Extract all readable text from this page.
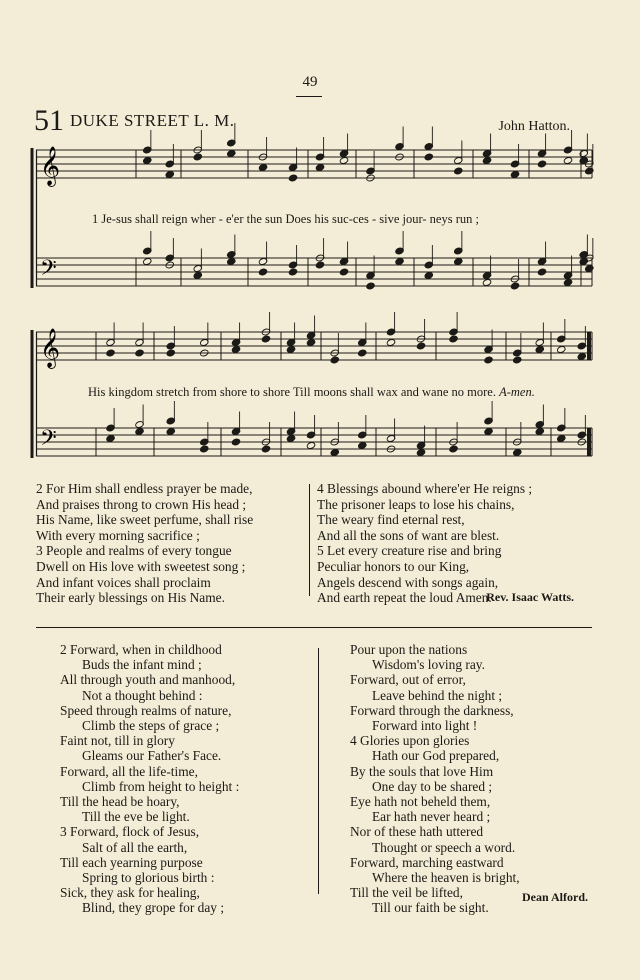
49
51 DUKE STREET L. M.	John Hatton.
𝄞
𝄢
1 Je-sus shall reign wher - e'er the sun Does his suc-ces - sive jour- neys run ;
𝄞
𝄢
His kingdom stretch from shore to shore Till moons shall wax and wane no more. A-men.
2 For Him shall endless prayer be made,
And praises throng to crown His head ;
His Name, like sweet perfume, shall rise
With every morning sacrifice ;
3 People and realms of every tongue
Dwell on His love with sweetest song ;
And infant voices shall proclaim
Their early blessings on His Name.
4 Blessings abound where'er He reigns ;
The prisoner leaps to lose his chains,
The weary find eternal rest,
And all the sons of want are blest.
5 Let every creature rise and bring
Peculiar honors to our King,
Angels descend with songs again,
And earth repeat the loud Amen.
Rev. Isaac Watts.
2 Forward, when in childhood
Buds the infant mind ;
All through youth and manhood,
Not a thought behind :
Speed through realms of nature,
Climb the steps of grace ;
Faint not, till in glory
Gleams our Father's Face.
Forward, all the life-time,
Climb from height to height :
Till the head be hoary,
Till the eve be light.
3 Forward, flock of Jesus,
Salt of all the earth,
Till each yearning purpose
Spring to glorious birth :
Sick, they ask for healing,
Blind, they grope for day ;
Pour upon the nations
Wisdom's loving ray.
Forward, out of error,
Leave behind the night ;
Forward through the darkness,
Forward into light !
4 Glories upon glories
Hath our God prepared,
By the souls that love Him
One day to be shared ;
Eye hath not beheld them,
Ear hath never heard ;
Nor of these hath uttered
Thought or speech a word.
Forward, marching eastward
Where the heaven is bright,
Till the veil be lifted,
Till our faith be sight.
Dean Alford.
